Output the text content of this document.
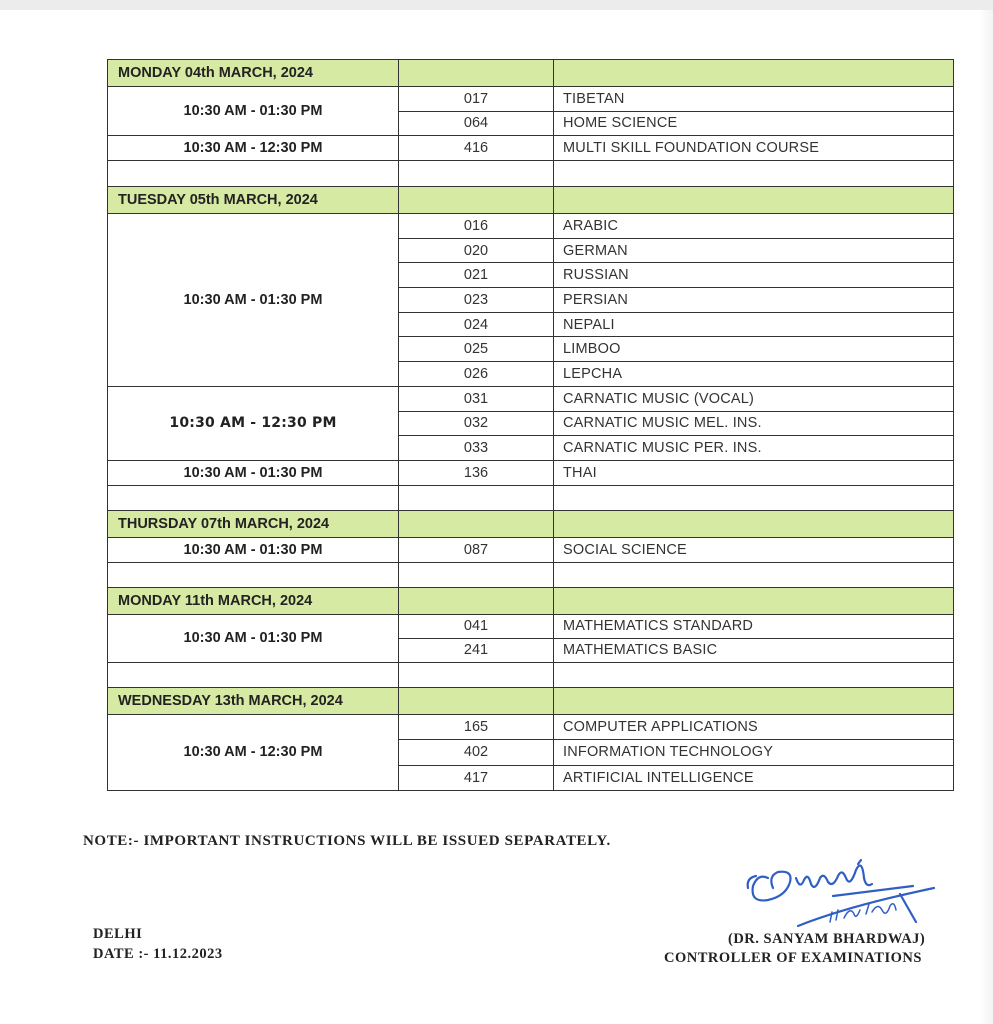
MONDAY 04th MARCH, 2024		
10:30 AM - 01:30 PM	017	TIBETAN
	064	HOME SCIENCE
10:30 AM - 12:30 PM	416	MULTI SKILL FOUNDATION COURSE

TUESDAY 05th MARCH, 2024		
10:30 AM - 01:30 PM	016	ARABIC
	020	GERMAN
	021	RUSSIAN
	023	PERSIAN
	024	NEPALI
	025	LIMBOO
	026	LEPCHA
10:30 AM - 12:30 PM	031	CARNATIC MUSIC (VOCAL)
	032	CARNATIC MUSIC MEL. INS.
	033	CARNATIC MUSIC PER. INS.
10:30 AM - 01:30 PM	136	THAI

THURSDAY 07th MARCH, 2024		
10:30 AM - 01:30 PM	087	SOCIAL SCIENCE

MONDAY 11th MARCH, 2024		
10:30 AM - 01:30 PM	041	MATHEMATICS STANDARD
	241	MATHEMATICS BASIC

WEDNESDAY 13th MARCH, 2024		
10:30 AM - 12:30 PM	165	COMPUTER APPLICATIONS
	402	INFORMATION TECHNOLOGY
	417	ARTIFICIAL INTELLIGENCE
NOTE:- IMPORTANT INSTRUCTIONS WILL BE ISSUED SEPARATELY.
DELHI
DATE :- 11.12.2023
(DR. SANYAM BHARDWAJ)
CONTROLLER OF EXAMINATIONS
